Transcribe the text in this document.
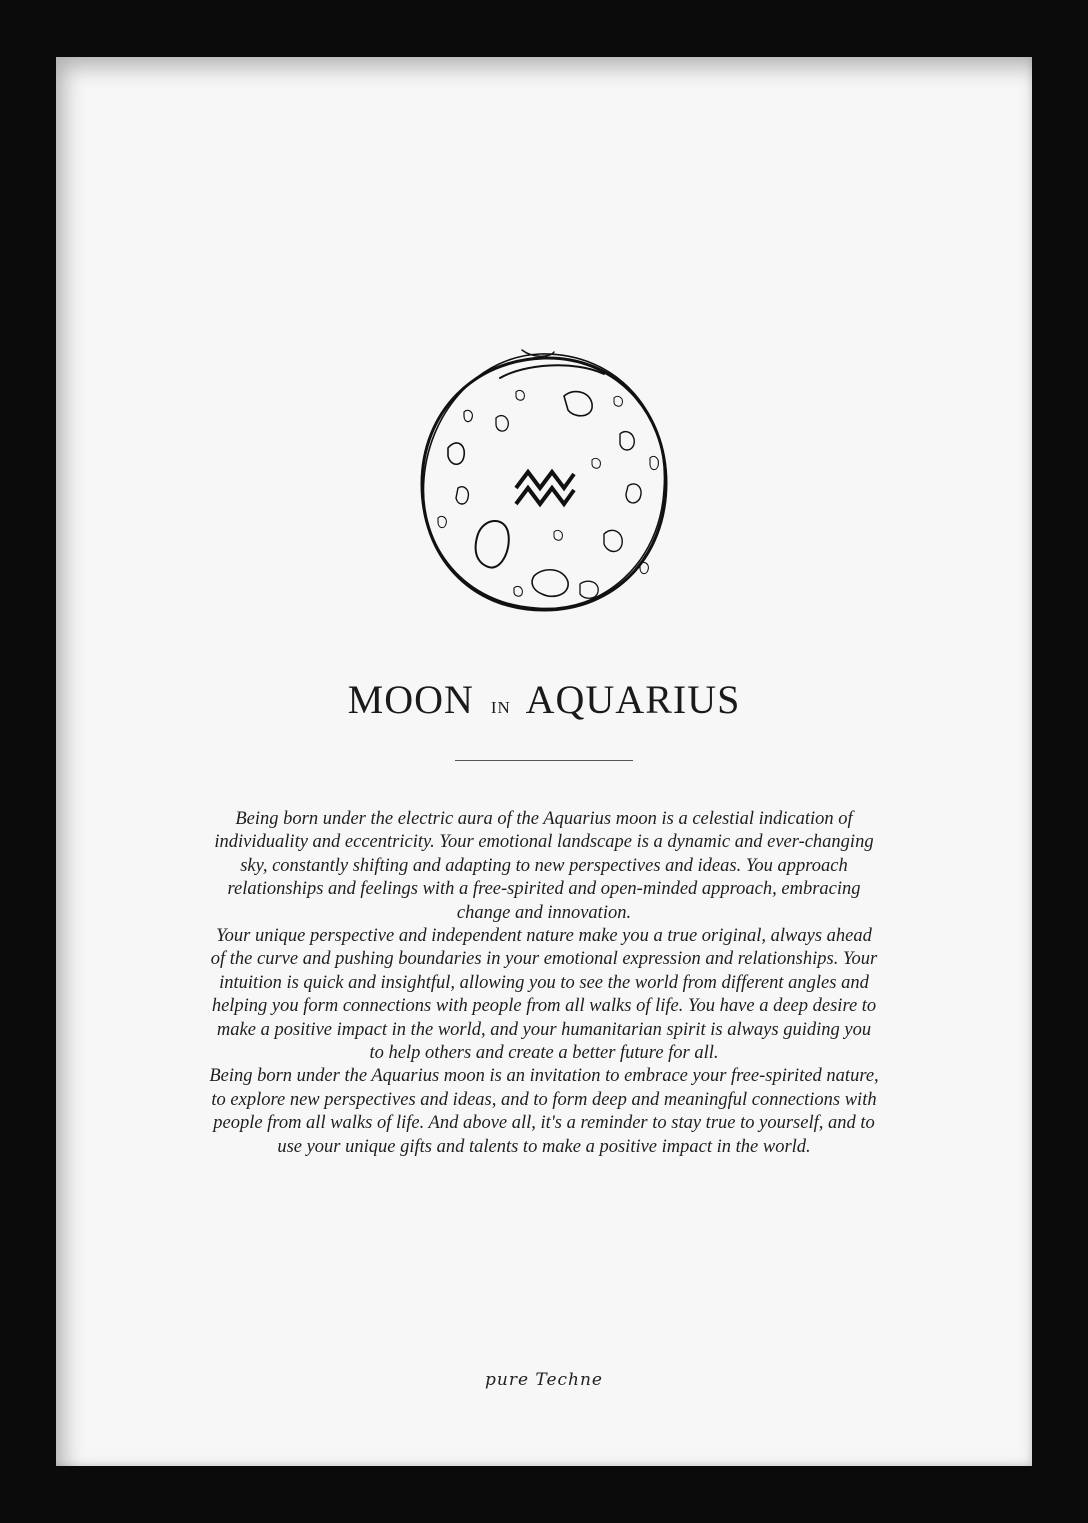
MOON IN AQUARIUS

Being born under the electric aura of the Aquarius moon is a celestial indication of individuality and eccentricity. Your emotional landscape is a dynamic and ever-changing sky, constantly shifting and adapting to new perspectives and ideas. You approach relationships and feelings with a free-spirited and open-minded approach, embracing change and innovation.

Your unique perspective and independent nature make you a true original, always ahead of the curve and pushing boundaries in your emotional expression and relationships. Your intuition is quick and insightful, allowing you to see the world from different angles and helping you form connections with people from all walks of life. You have a deep desire to make a positive impact in the world, and your humanitarian spirit is always guiding you to help others and create a better future for all.

Being born under the Aquarius moon is an invitation to embrace your free-spirited nature, to explore new perspectives and ideas, and to form deep and meaningful connections with people from all walks of life. And above all, it's a reminder to stay true to yourself, and to use your unique gifts and talents to make a positive impact in the world.

pure Techne
